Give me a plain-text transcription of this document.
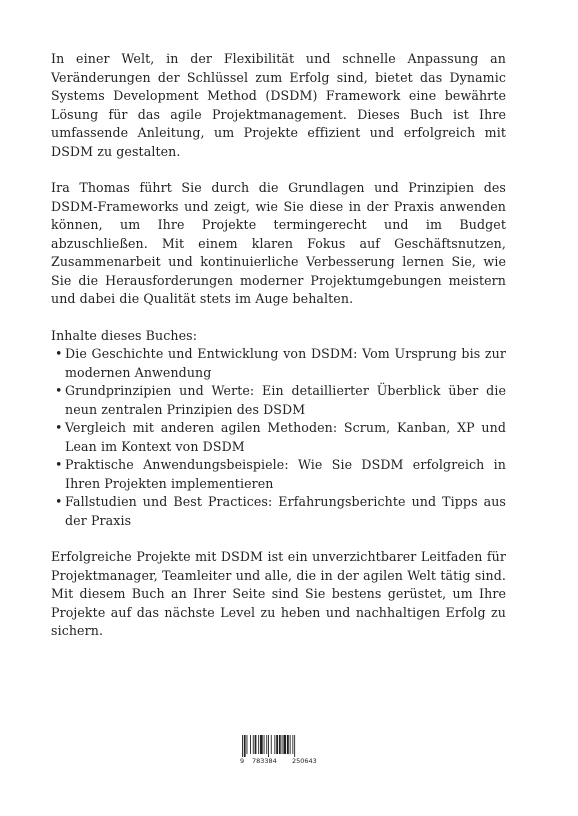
In einer Welt, in der Flexibilität und schnelle Anpassung an Veränderungen der Schlüssel zum Erfolg sind, bietet das Dynamic Systems Development Method (DSDM) Framework eine bewährte Lösung für das agile Projektmanagement. Dieses Buch ist Ihre umfassende Anleitung, um Projekte effizient und erfolgreich mit DSDM zu gestalten.

Ira Thomas führt Sie durch die Grundlagen und Prinzipien des DSDM-Frameworks und zeigt, wie Sie diese in der Praxis anwenden können, um Ihre Projekte termingerecht und im Budget abzuschließen. Mit einem klaren Fokus auf Geschäftsnutzen, Zusammenarbeit und kontinuierliche Verbesserung lernen Sie, wie Sie die Herausforderungen moderner Projektumgebungen meistern und dabei die Qualität stets im Auge behalten.

Inhalte dieses Buches:

• Die Geschichte und Entwicklung von DSDM: Vom Ursprung bis zur modernen Anwendung
• Grundprinzipien und Werte: Ein detaillierter Überblick über die neun zentralen Prinzipien des DSDM
• Vergleich mit anderen agilen Methoden: Scrum, Kanban, XP und Lean im Kontext von DSDM
• Praktische Anwendungsbeispiele: Wie Sie DSDM erfolgreich in Ihren Projekten implementieren
• Fallstudien und Best Practices: Erfahrungsberichte und Tipps aus der Praxis

Erfolgreiche Projekte mit DSDM ist ein unverzichtbarer Leitfaden für Projektmanager, Teamleiter und alle, die in der agilen Welt tätig sind. Mit diesem Buch an Ihrer Seite sind Sie bestens gerüstet, um Ihre Projekte auf das nächste Level zu heben und nachhaltigen Erfolg zu sichern.

9 783384 250643
